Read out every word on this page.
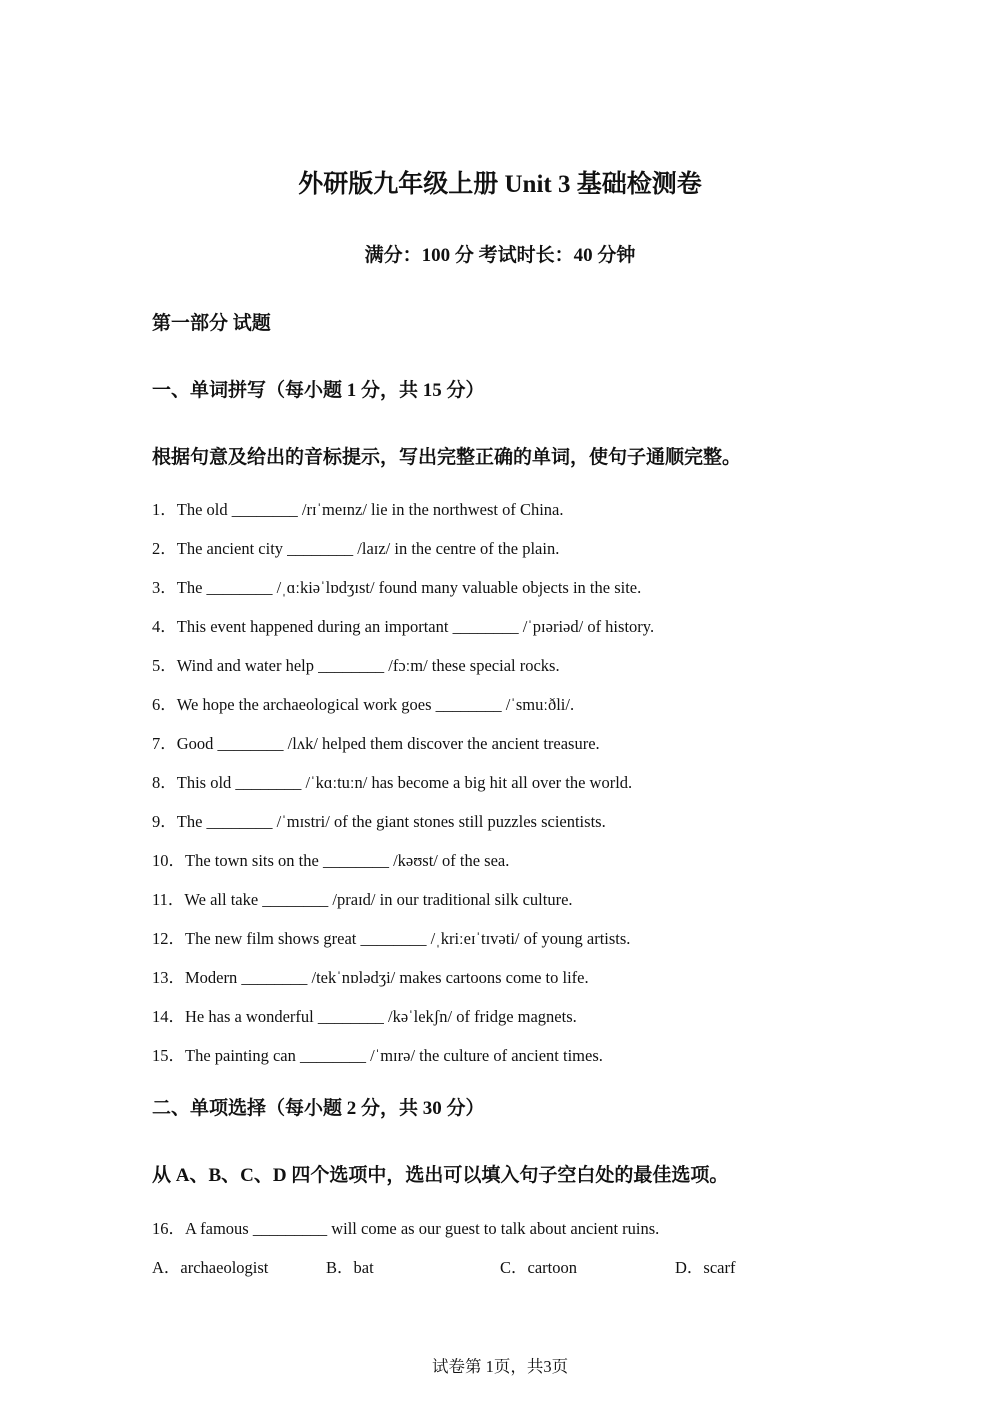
外研版九年级上册 Unit 3 基础检测卷
满分：100 分 考试时长：40 分钟
第一部分 试题
一、单词拼写（每小题 1 分，共 15 分）
根据句意及给出的音标提示，写出完整正确的单词，使句子通顺完整。
1．The old ________ /rɪˈmeɪnz/ lie in the northwest of China.
2．The ancient city ________ /laɪz/ in the centre of the plain.
3．The ________ /ˌɑːkiəˈlɒdʒɪst/ found many valuable objects in the site.
4．This event happened during an important ________ /ˈpɪəriəd/ of history.
5．Wind and water help ________ /fɔːm/ these special rocks.
6．We hope the archaeological work goes ________ /ˈsmuːðli/.
7．Good ________ /lʌk/ helped them discover the ancient treasure.
8．This old ________ /ˈkɑːtuːn/ has become a big hit all over the world.
9．The ________ /ˈmɪstri/ of the giant stones still puzzles scientists.
10．The town sits on the ________ /kəʊst/ of the sea.
11．We all take ________ /praɪd/ in our traditional silk culture.
12．The new film shows great ________ /ˌkriːeɪˈtɪvəti/ of young artists.
13．Modern ________ /tekˈnɒlədʒi/ makes cartoons come to life.
14．He has a wonderful ________ /kəˈlekʃn/ of fridge magnets.
15．The painting can ________ /ˈmɪrə/ the culture of ancient times.
二、单项选择（每小题 2 分，共 30 分）
从 A、B、C、D 四个选项中，选出可以填入句子空白处的最佳选项。
16．A famous _________ will come as our guest to talk about ancient ruins.
A．archaeologist	B．bat	C．cartoon	D．scarf
试卷第 1页，共3页
